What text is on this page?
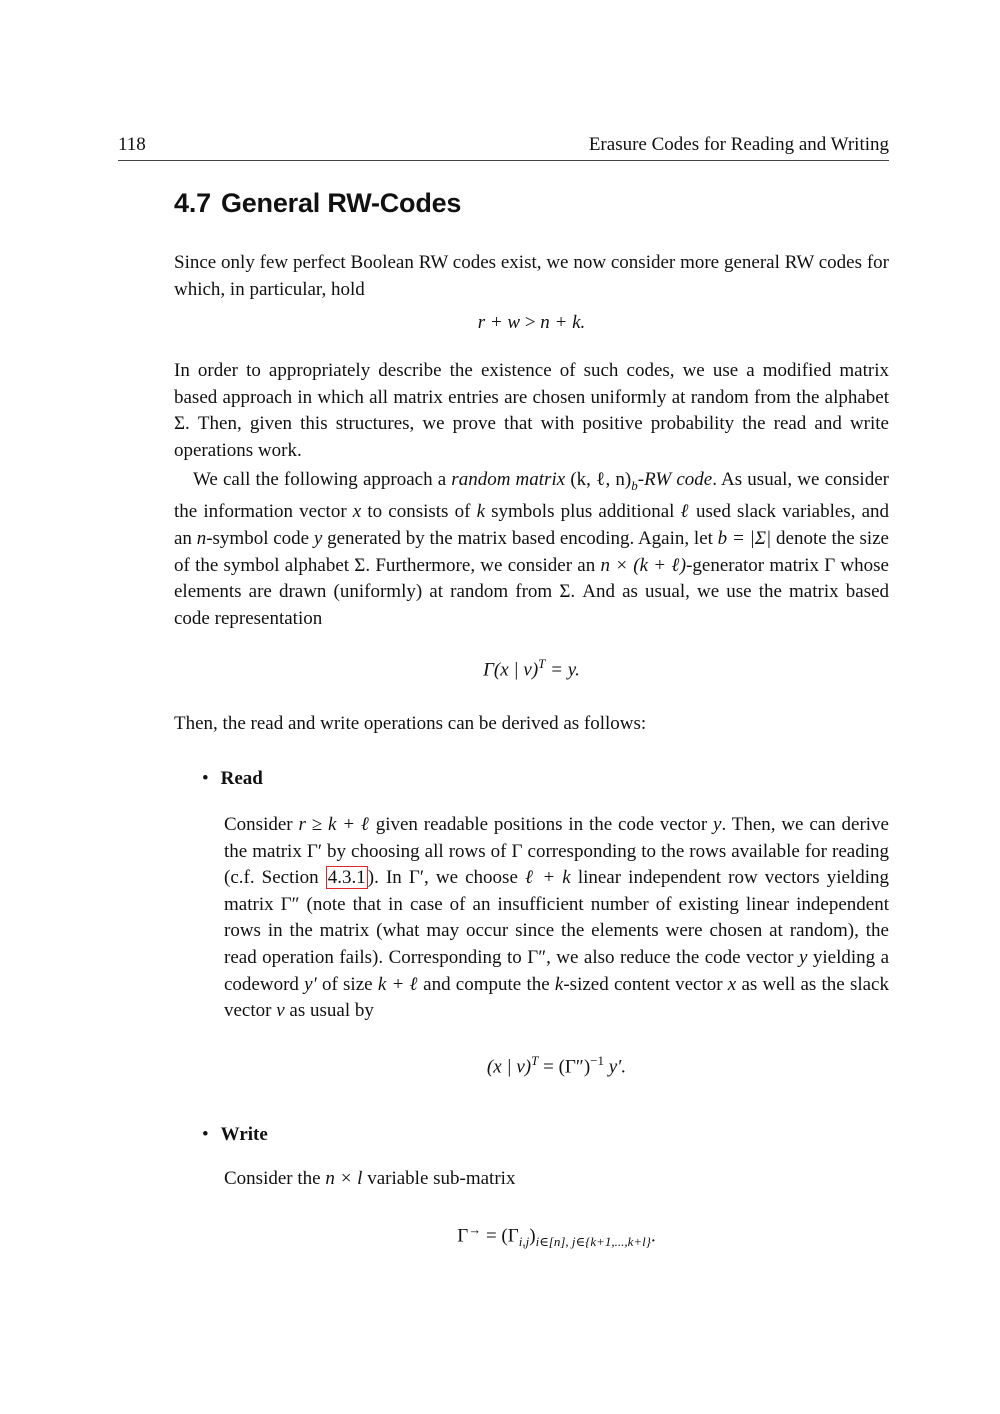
118	Erasure Codes for Reading and Writing
4.7 General RW-Codes

Since only few perfect Boolean RW codes exist, we now consider more general RW codes for which, in particular, hold

r + w > n + k.

In order to appropriately describe the existence of such codes, we use a modified matrix based approach in which all matrix entries are chosen uniformly at random from the alphabet Σ. Then, given this structures, we prove that with positive probability the read and write operations work.

We call the following approach a random matrix (k, ℓ, $n)_b-RW$ code. As usual, we consider the information vector x to consists of k symbols plus additional ℓ used slack variables, and an n-symbol code y generated by the matrix based encoding. Again, let b = |Σ| denote the size of the symbol alphabet Σ. Furthermore, we consider an n × (k + ℓ)-generator matrix Γ whose elements are drawn (uniformly) at random from Σ. And as usual, we use the matrix based code representation

Γ(x | v)$^T$ = y.

Then, the read and write operations can be derived as follows:

• Read

Consider r ≥ k + ℓ given readable positions in the code vector y. Then, we can derive the matrix Γ′ by choosing all rows of Γ corresponding to the rows available for reading (c.f. Section 4.3.1 ). In Γ′, we choose ℓ + k linear independent row vectors yielding matrix Γ″ (note that in case of an insufficient number of existing linear independent rows in the matrix (what may occur since the elements were chosen at random), the read operation fails). Corresponding to Γ″, we also reduce the code vector y yielding a codeword y′ of size k + ℓ and compute the k-sized content vector x as well as the slack vector v as usual by

(x | $v)^T = (\Gamma'')^{-1}$ y′.
• Write

Consider the n × l variable sub-matrix

$\Gamma^\to = (\Gamma_{i,j})_{i\in[n], j\in\{k+1,...,k+l\}}$.
